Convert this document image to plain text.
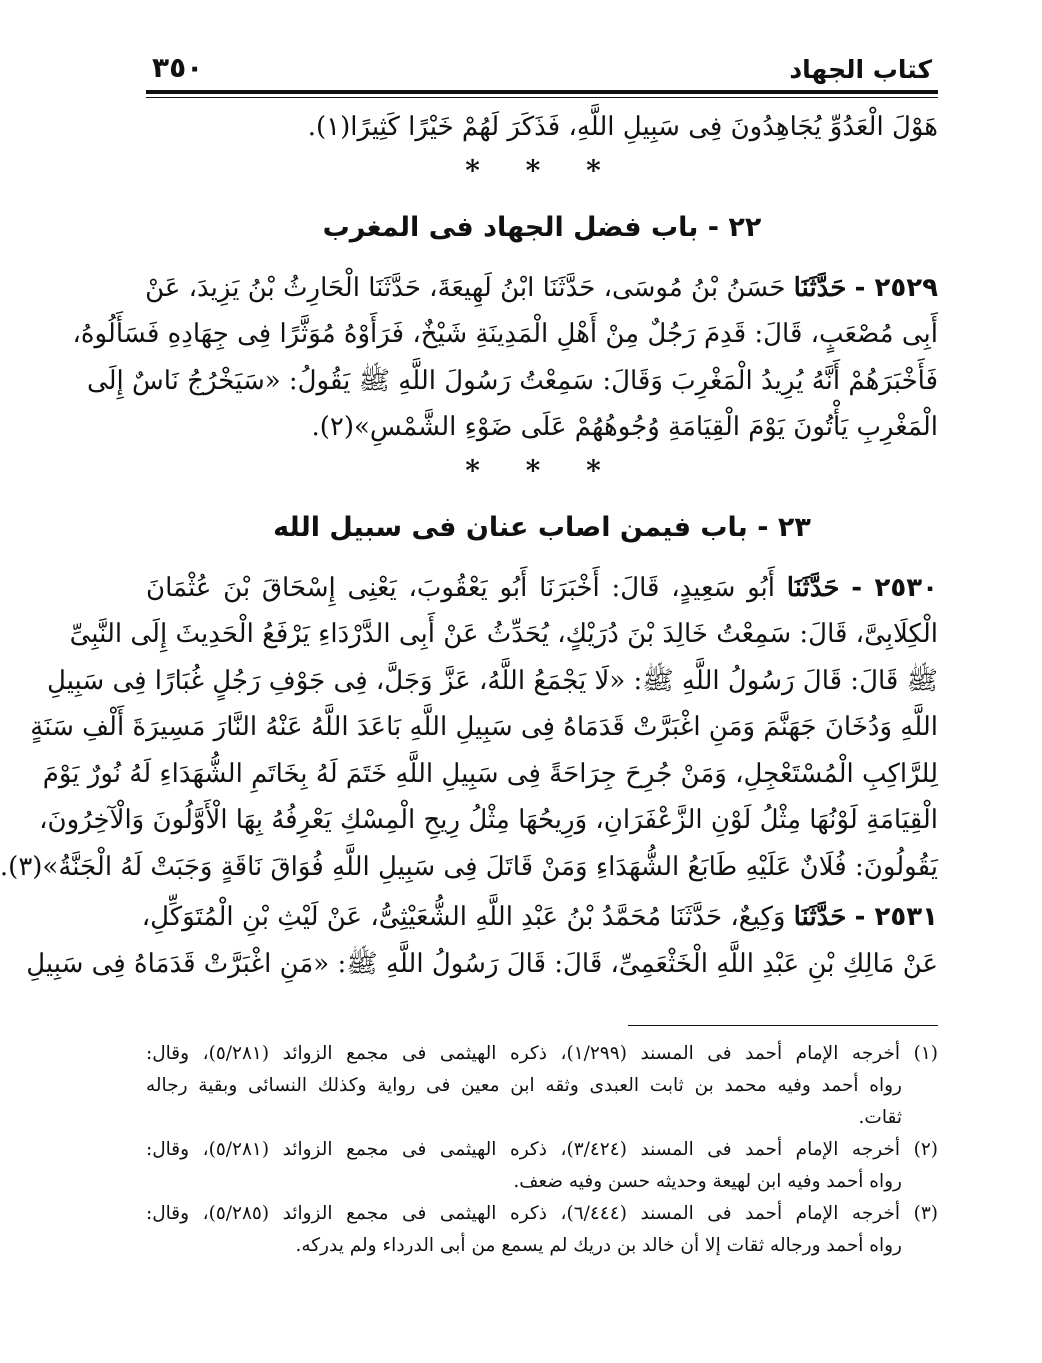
كتاب الجهاد
٣٥٠
هَوْلَ الْعَدُوِّ يُجَاهِدُونَ فِى سَبِيلِ اللَّهِ، فَذَكَرَ لَهُمْ خَيْرًا كَثِيرًا(١).
* * *
٢٢ - باب فضل الجهاد فى المغرب
٢٥٢٩ - حَدَّثَنَا حَسَنُ بْنُ مُوسَى، حَدَّثَنَا ابْنُ لَهِيعَةَ، حَدَّثَنَا الْحَارِثُ بْنُ يَزِيدَ، عَنْ
أَبِى مُصْعَبٍ، قَالَ: قَدِمَ رَجُلٌ مِنْ أَهْلِ الْمَدِينَةِ شَيْخٌ، فَرَأَوْهُ مُوَثَّرًا فِى جِهَادِهِ فَسَأَلُوهُ،
فَأَخْبَرَهُمْ أَنَّهُ يُرِيدُ الْمَغْرِبَ وَقَالَ: سَمِعْتُ رَسُولَ اللَّهِ ﷺ يَقُولُ: «سَيَخْرُجُ نَاسٌ إِلَى
الْمَغْرِبِ يَأْتُونَ يَوْمَ الْقِيَامَةِ وُجُوهُهُمْ عَلَى ضَوْءِ الشَّمْسِ»(٢).
* * *
٢٣ - باب فيمن اصاب عنان فى سبيل الله
٢٥٣٠ - حَدَّثَنَا أَبُو سَعِيدٍ، قَالَ: أَخْبَرَنَا أَبُو يَعْقُوبَ، يَعْنِى إِسْحَاقَ بْنَ عُثْمَانَ
الْكِلَابِىَّ، قَالَ: سَمِعْتُ خَالِدَ بْنَ دُرَيْكٍ، يُحَدِّثُ عَنْ أَبِى الدَّرْدَاءِ يَرْفَعُ الْحَدِيثَ إِلَى النَّبِىِّ
ﷺ قَالَ: قَالَ رَسُولُ اللَّهِ ﷺ: «لَا يَجْمَعُ اللَّهُ، عَزَّ وَجَلَّ، فِى جَوْفِ رَجُلٍ غُبَارًا فِى سَبِيلِ
اللَّهِ وَدُخَانَ جَهَنَّمَ وَمَنِ اغْبَرَّتْ قَدَمَاهُ فِى سَبِيلِ اللَّهِ بَاعَدَ اللَّهُ عَنْهُ النَّارَ مَسِيرَةَ أَلْفِ سَنَةٍ
لِلرَّاكِبِ الْمُسْتَعْجِلِ، وَمَنْ جُرِحَ جِرَاحَةً فِى سَبِيلِ اللَّهِ خَتَمَ لَهُ بِخَاتَمِ الشُّهَدَاءِ لَهُ نُورٌ يَوْمَ
الْقِيَامَةِ لَوْنُهَا مِثْلُ لَوْنِ الزَّعْفَرَانِ، وَرِيحُهَا مِثْلُ رِيحِ الْمِسْكِ يَعْرِفُهُ بِهَا الْأَوَّلُونَ وَالْآخِرُونَ،
يَقُولُونَ: فُلَانٌ عَلَيْهِ طَابَعُ الشُّهَدَاءِ وَمَنْ قَاتَلَ فِى سَبِيلِ اللَّهِ فُوَاقَ نَاقَةٍ وَجَبَتْ لَهُ الْجَنَّةُ»(٣).
٢٥٣١ - حَدَّثَنَا وَكِيعٌ، حَدَّثَنَا مُحَمَّدُ بْنُ عَبْدِ اللَّهِ الشُّعَيْثِىُّ، عَنْ لَيْثِ بْنِ الْمُتَوَكِّلِ،
عَنْ مَالِكِ بْنِ عَبْدِ اللَّهِ الْخَثْعَمِىِّ، قَالَ: قَالَ رَسُولُ اللَّهِ ﷺ: «مَنِ اغْبَرَّتْ قَدَمَاهُ فِى سَبِيلِ
(١) أخرجه الإمام أحمد فى المسند (١/٢٩٩)، ذكره الهيثمى فى مجمع الزوائد (٥/٢٨١)، وقال:
رواه أحمد وفيه محمد بن ثابت العبدى وثقه ابن معين فى رواية وكذلك النسائى وبقية رجاله
ثقات.
(٢) أخرجه الإمام أحمد فى المسند (٣/٤٢٤)، ذكره الهيثمى فى مجمع الزوائد (٥/٢٨١)، وقال:
رواه أحمد وفيه ابن لهيعة وحديثه حسن وفيه ضعف.
(٣) أخرجه الإمام أحمد فى المسند (٦/٤٤٤)، ذكره الهيثمى فى مجمع الزوائد (٥/٢٨٥)، وقال:
رواه أحمد ورجاله ثقات إلا أن خالد بن دريك لم يسمع من أبى الدرداء ولم يدركه.
